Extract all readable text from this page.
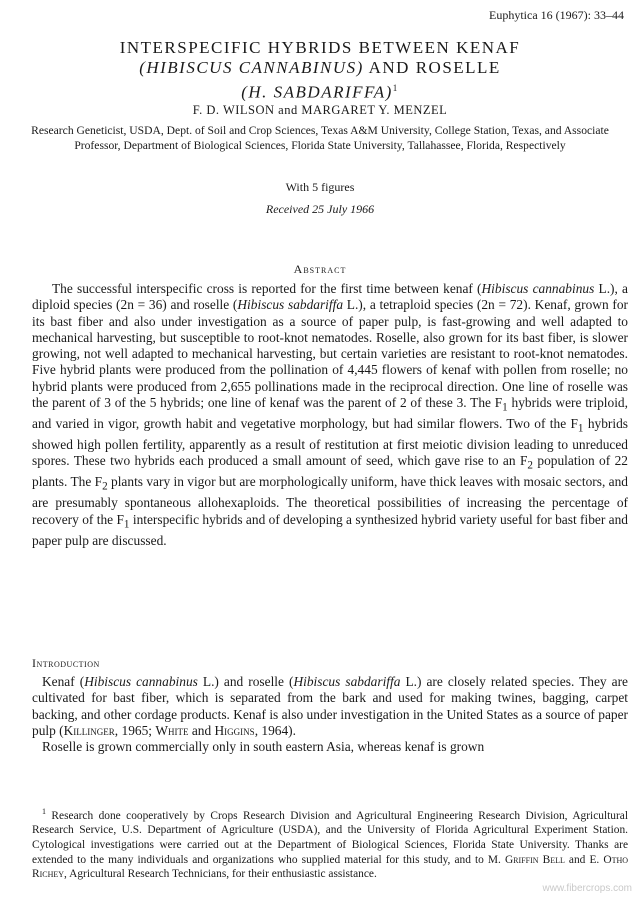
Euphytica 16 (1967): 33–44
INTERSPECIFIC HYBRIDS BETWEEN KENAF
(HIBISCUS CANNABINUS) AND ROSELLE
(H. SABDARIFFA)$^1$
F. D. WILSON and MARGARET Y. MENZEL
Research Geneticist, USDA, Dept. of Soil and Crop Sciences, Texas A&M University, College Station, Texas, and Associate Professor, Department of Biological Sciences, Florida State University, Tallahassee, Florida, Respectively
With 5 figures
Received 25 July 1966
Abstract
The successful interspecific cross is reported for the first time between kenaf (Hibiscus cannabinus L.), a diploid species (2n = 36) and roselle (Hibiscus sabdariffa L.), a tetraploid species (2n = 72). Kenaf, grown for its bast fiber and also under investigation as a source of paper pulp, is fast-growing and well adapted to mechanical harvesting, but susceptible to root-knot nematodes. Roselle, also grown for its bast fiber, is slower growing, not well adapted to mechanical harvesting, but certain varieties are resistant to root-knot nematodes. Five hybrid plants were produced from the pollination of 4,445 flowers of kenaf with pollen from roselle; no hybrid plants were produced from 2,655 pollinations made in the reciprocal direction. One line of roselle was the parent of 3 of the 5 hybrids; one line of kenaf was the parent of 2 of these 3. The $F_1$ hybrids were triploid, and varied in vigor, growth habit and vegetative morphology, but had similar flowers. Two of the $F_1$ hybrids showed high pollen fertility, apparently as a result of restitution at first meiotic division leading to unreduced spores. These two hybrids each produced a small amount of seed, which gave rise to an $F_2$ population of 22 plants. The $F_2$ plants vary in vigor but are morphologically uniform, have thick leaves with mosaic sectors, and are presumably spontaneous allohexaploids. The theoretical possibilities of increasing the percentage of recovery of the $F_1$ interspecific hybrids and of developing a synthesized hybrid variety useful for bast fiber and paper pulp are discussed.
Introduction

Kenaf (Hibiscus cannabinus L.) and roselle (Hibiscus sabdariffa L.) are closely related species. They are cultivated for bast fiber, which is separated from the bark and used for making twines, bagging, carpet backing, and other cordage products. Kenaf is also under investigation in the United States as a source of paper pulp (Killinger, 1965; White and Higgins, 1964).

Roselle is grown commercially only in south eastern Asia, whereas kenaf is grown

$^1$ Research done cooperatively by Crops Research Division and Agricultural Engineering Research Division, Agricultural Research Service, U.S. Department of Agriculture (USDA), and the University of Florida Agricultural Experiment Station. Cytological investigations were carried out at the Department of Biological Sciences, Florida State University. Thanks are extended to the many individuals and organizations who supplied material for this study, and to M. Griffin Bell and E. Otho Richey, Agricultural Research Technicians, for their enthusiastic assistance.
www.fibercrops.com
